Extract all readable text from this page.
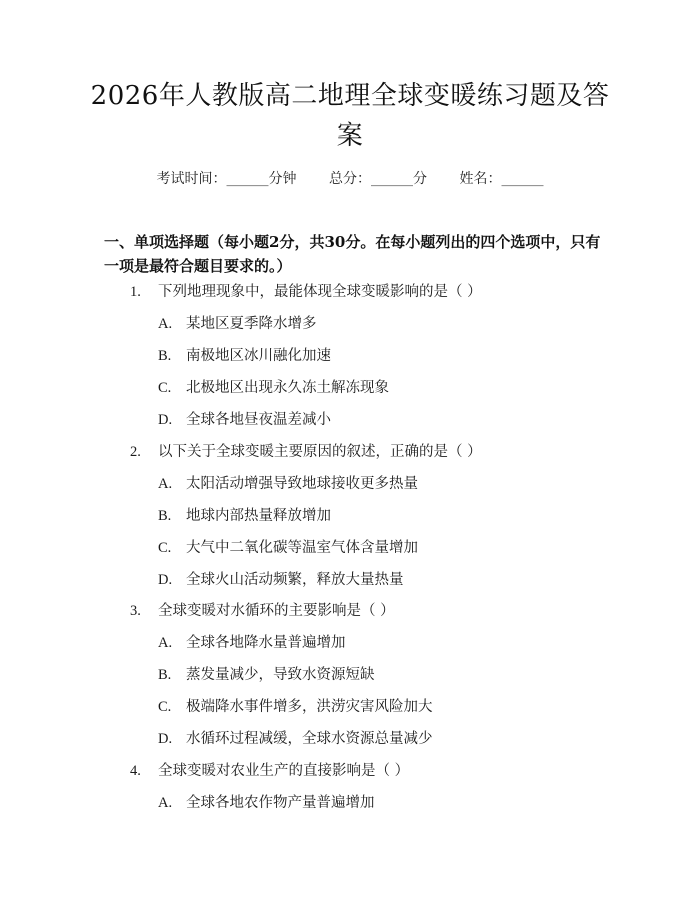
2026年人教版高二地理全球变暖练习题及答案
考试时间：______分钟 总分：______分 姓名：______
一、单项选择题（每小题2分，共30分。在每小题列出的四个选项中，只有一项是最符合题目要求的。）
1. 下列地理现象中，最能体现全球变暖影响的是（ ）
A. 某地区夏季降水增多
B. 南极地区冰川融化加速
C. 北极地区出现永久冻土解冻现象
D. 全球各地昼夜温差减小
2. 以下关于全球变暖主要原因的叙述，正确的是（ ）
A. 太阳活动增强导致地球接收更多热量
B. 地球内部热量释放增加
C. 大气中二氧化碳等温室气体含量增加
D. 全球火山活动频繁，释放大量热量
3. 全球变暖对水循环的主要影响是（ ）
A. 全球各地降水量普遍增加
B. 蒸发量减少，导致水资源短缺
C. 极端降水事件增多，洪涝灾害风险加大
D. 水循环过程减缓，全球水资源总量减少
4. 全球变暖对农业生产的直接影响是（ ）
A. 全球各地农作物产量普遍增加
